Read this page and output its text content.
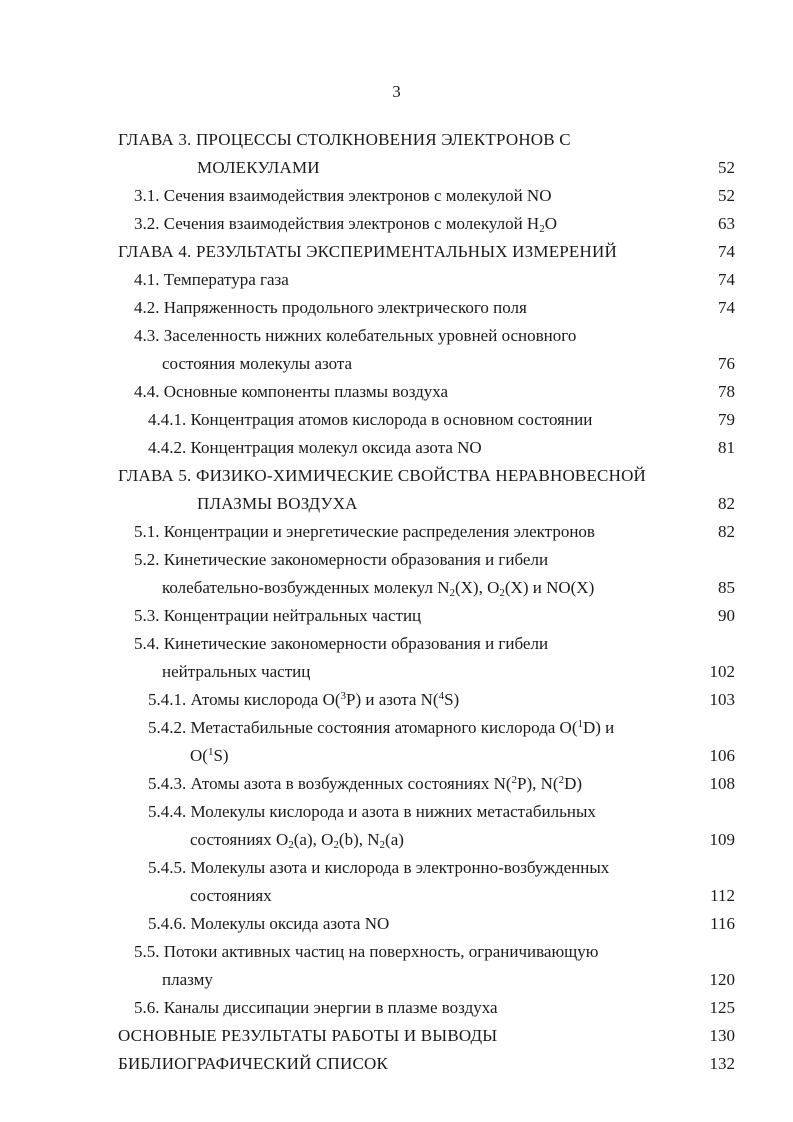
3
ГЛАВА 3. ПРОЦЕССЫ СТОЛКНОВЕНИЯ ЭЛЕКТРОНОВ С
МОЛЕКУЛАМИ	52
3.1. Сечения взаимодействия электронов с молекулой NO	52
3.2. Сечения взаимодействия электронов с молекулой $H_2O$	63
ГЛАВА 4. РЕЗУЛЬТАТЫ ЭКСПЕРИМЕНТАЛЬНЫХ ИЗМЕРЕНИЙ	74
4.1. Температура газа	74
4.2. Напряженность продольного электрического поля	74
4.3. Заселенность нижних колебательных уровней основного
состояния молекулы азота	76
4.4. Основные компоненты плазмы воздуха	78
4.4.1. Концентрация атомов кислорода в основном состоянии	79
4.4.2. Концентрация молекул оксида азота NO	81
ГЛАВА 5. ФИЗИКО-ХИМИЧЕСКИЕ СВОЙСТВА НЕРАВНОВЕСНОЙ
ПЛАЗМЫ ВОЗДУХА	82
5.1. Концентрации и энергетические распределения электронов	82
5.2. Кинетические закономерности образования и гибели
колебательно-возбужденных молекул $N_2(X)$, $O_2(X)$ и NO(X)	85
5.3. Концентрации нейтральных частиц	90
5.4. Кинетические закономерности образования и гибели
нейтральных частиц	102
5.4.1. Атомы кислорода O($^3$P) и азота N($^4$S)	103
5.4.2. Метастабильные состояния атомарного кислорода O($^1$D) и
O($^1$S)	106
5.4.3. Атомы азота в возбужденных состояниях N($^2$P), N($^2$D)	108
5.4.4. Молекулы кислорода и азота в нижних метастабильных
состояниях $O_2(a)$, $O_2(b)$, $N_2(a)$	109
5.4.5. Молекулы азота и кислорода в электронно-возбужденных
состояниях	112
5.4.6. Молекулы оксида азота NO	116
5.5. Потоки активных частиц на поверхность, ограничивающую
плазму	120
5.6. Каналы диссипации энергии в плазме воздуха	125
ОСНОВНЫЕ РЕЗУЛЬТАТЫ РАБОТЫ И ВЫВОДЫ	130
БИБЛИОГРАФИЧЕСКИЙ СПИСОК	132
